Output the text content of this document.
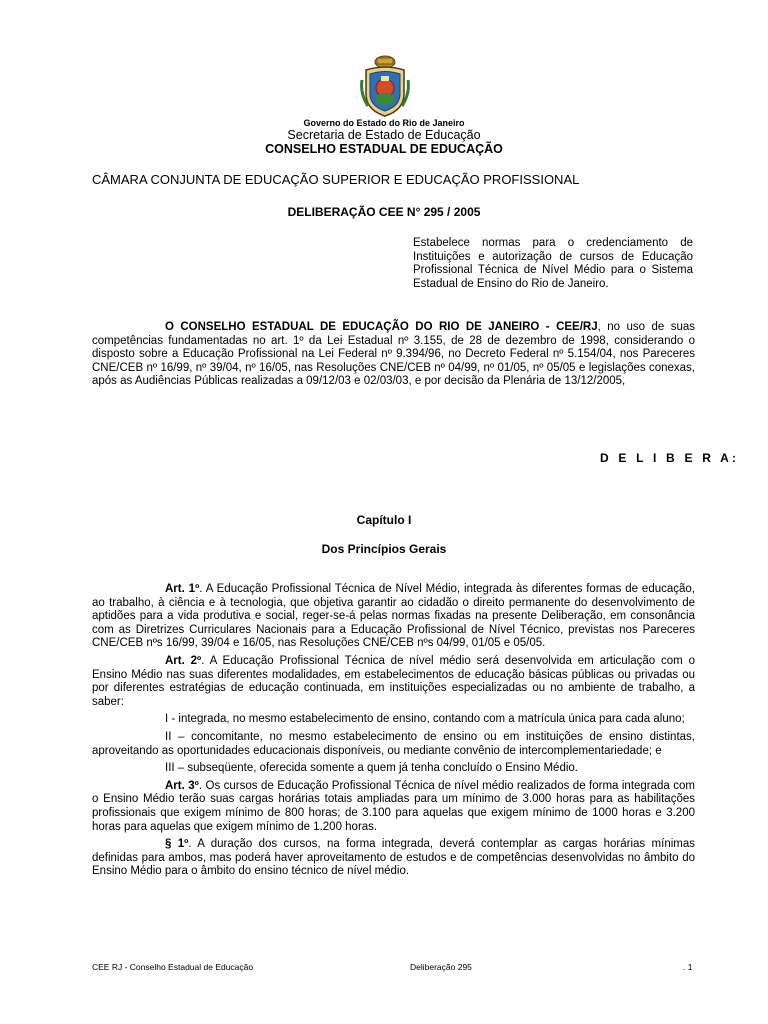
Governo do Estado do Rio de Janeiro
Secretaria de Estado de Educação
CONSELHO ESTADUAL DE EDUCAÇÃO
CÂMARA CONJUNTA DE EDUCAÇÃO SUPERIOR E EDUCAÇÃO PROFISSIONAL
DELIBERAÇÃO CEE N° 295 / 2005
Estabelece normas para o credenciamento de Instituições e autorização de cursos de Educação Profissional Técnica de Nível Médio para o Sistema Estadual de Ensino do Rio de Janeiro.

O CONSELHO ESTADUAL DE EDUCAÇÃO DO RIO DE JANEIRO - CEE/RJ, no uso de suas competências fundamentadas no art. 1º da Lei Estadual nº 3.155, de 28 de dezembro de 1998, considerando o disposto sobre a Educação Profissional na Lei Federal nº 9.394/96, no Decreto Federal nº 5.154/04, nos Pareceres CNE/CEB nº 16/99, nº 39/04, nº 16/05, nas Resoluções CNE/CEB nº 04/99, nº 01/05, nº 05/05 e legislações conexas, após as Audiências Públicas realizadas a 09/12/03 e 02/03/03, e por decisão da Plenária de 13/12/2005,

D E L I B E R A:
Capítulo I
Dos Princípios Gerais

Art. 1º. A Educação Profissional Técnica de Nível Médio, integrada às diferentes formas de educação, ao trabalho, à ciência e à tecnologia, que objetiva garantir ao cidadão o direito permanente do desenvolvimento de aptidões para a vida produtiva e social, reger-se-á pelas normas fixadas na presente Deliberação, em consonância com as Diretrizes Curriculares Nacionais para a Educação Profissional de Nível Técnico, previstas nos Pareceres CNE/CEB nºs 16/99, 39/04 e 16/05, nas Resoluções CNE/CEB nºs 04/99, 01/05 e 05/05.

Art. 2º. A Educação Profissional Técnica de nível médio será desenvolvida em articulação com o Ensino Médio nas suas diferentes modalidades, em estabelecimentos de educação básicas públicas ou privadas ou por diferentes estratégias de educação continuada, em instituições especializadas ou no ambiente de trabalho, a saber:

I - integrada, no mesmo estabelecimento de ensino, contando com a matrícula única para cada aluno;

II – concomitante, no mesmo estabelecimento de ensino ou em instituições de ensino distintas, aproveitando as oportunidades educacionais disponíveis, ou mediante convênio de intercomplementariedade; e

III – subseqüente, oferecida somente a quem já tenha concluído o Ensino Médio.

Art. 3º. Os cursos de Educação Profissional Técnica de nível médio realizados de forma integrada com o Ensino Médio terão suas cargas horárias totais ampliadas para um mínimo de 3.000 horas para as habilitações profissionais que exigem mínimo de 800 horas; de 3.100 para aquelas que exigem mínimo de 1000 horas e 3.200 horas para aquelas que exigem mínimo de 1.200 horas.

§ 1º. A duração dos cursos, na forma integrada, deverá contemplar as cargas horárias mínimas definidas para ambos, mas poderá haver aproveitamento de estudos e de competências desenvolvidas no âmbito do Ensino Médio para o âmbito do ensino técnico de nível médio.

CEE RJ - Conselho Estadual de Educação	Deliberação 295	. 1
